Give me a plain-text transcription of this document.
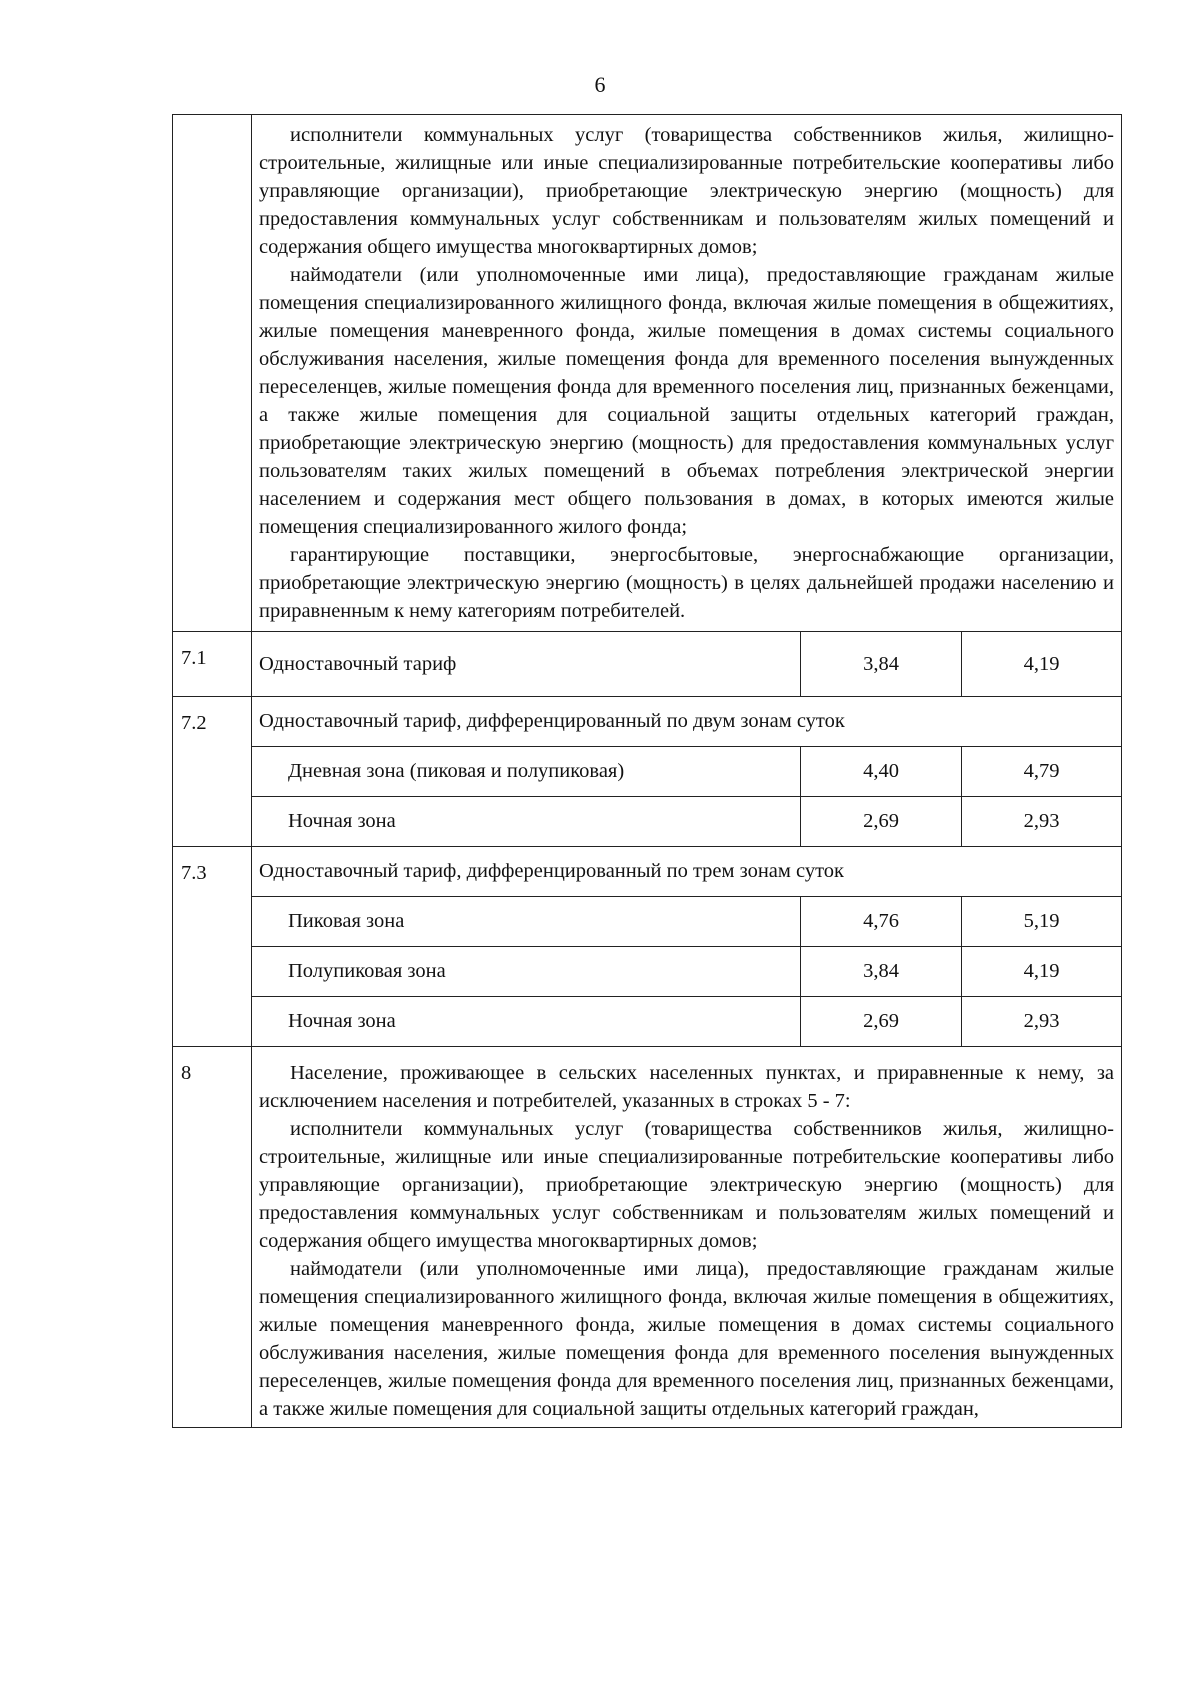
6

	исполнители коммунальных услуг (товарищества собственников жилья, жилищно-строительные, жилищные или иные специализированные потребительские кооперативы либо управляющие организации), приобретающие электрическую энергию (мощность) для предоставления коммунальных услуг собственникам и пользователям жилых помещений и содержания общего имущества многоквартирных домов;

наймодатели (или уполномоченные ими лица), предоставляющие гражданам жилые помещения специализированного жилищного фонда, включая жилые помещения в общежитиях, жилые помещения маневренного фонда, жилые помещения в домах системы социального обслуживания населения, жилые помещения фонда для временного поселения вынужденных переселенцев, жилые помещения фонда для временного поселения лиц, признанных беженцами, а также жилые помещения для социальной защиты отдельных категорий граждан, приобретающие электрическую энергию (мощность) для предоставления коммунальных услуг пользователям таких жилых помещений в объемах потребления электрической энергии населением и содержания мест общего пользования в домах, в которых имеются жилые помещения специализированного жилого фонда;

гарантирующие поставщики, энергосбытовые, энергоснабжающие организации, приобретающие электрическую энергию (мощность) в целях дальнейшей продажи населению и приравненным к нему категориям потребителей.		

7.1	Одноставочный тариф	3,84	4,19
7.2	Одноставочный тариф, дифференцированный по двум зонам суток		
	Дневная зона (пиковая и полупиковая)	4,40	4,79
	Ночная зона	2,69	2,93
7.3	Одноставочный тариф, дифференцированный по трем зонам суток		
	Пиковая зона	4,76	5,19
	Полупиковая зона	3,84	4,19
	Ночная зона	2,69	2,93
8	Население, проживающее в сельских населенных пунктах, и приравненные к нему, за исключением населения и потребителей, указанных в строках 5 - 7:

исполнители коммунальных услуг (товарищества собственников жилья, жилищно-строительные, жилищные или иные специализированные потребительские кооперативы либо управляющие организации), приобретающие электрическую энергию (мощность) для предоставления коммунальных услуг собственникам и пользователям жилых помещений и содержания общего имущества многоквартирных домов;

наймодатели (или уполномоченные ими лица), предоставляющие гражданам жилые помещения специализированного жилищного фонда, включая жилые помещения в общежитиях, жилые помещения маневренного фонда, жилые помещения в домах системы социального обслуживания населения, жилые помещения фонда для временного поселения вынужденных переселенцев, жилые помещения фонда для временного поселения лиц, признанных беженцами, а также жилые помещения для социальной защиты отдельных категорий граждан,		
